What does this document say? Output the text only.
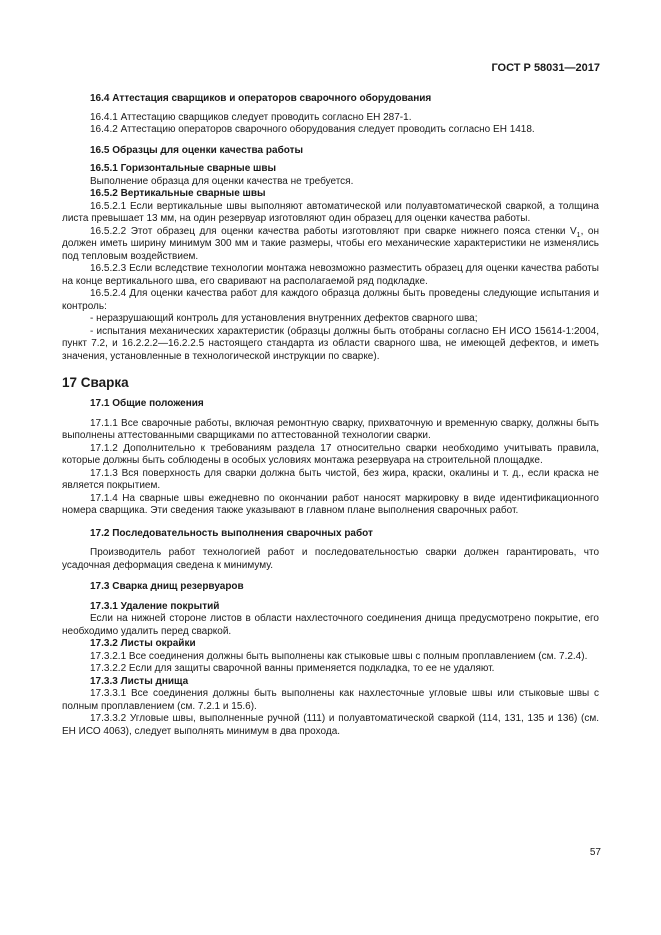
ГОСТ Р 58031—2017

16.4 Аттестация сварщиков и операторов сварочного оборудования

16.4.1 Аттестацию сварщиков следует проводить согласно ЕН 287-1.

16.4.2 Аттестацию операторов сварочного оборудования следует проводить согласно ЕН 1418.

16.5 Образцы для оценки качества работы

16.5.1 Горизонтальные сварные швы

Выполнение образца для оценки качества не требуется.

16.5.2 Вертикальные сварные швы

16.5.2.1 Если вертикальные швы выполняют автоматической или полуавтоматической сваркой, а толщина листа превышает 13 мм, на один резервуар изготовляют один образец для оценки качества работы.

16.5.2.2 Этот образец для оценки качества работы изготовляют при сварке нижнего пояса стенки $V_1$, он должен иметь ширину минимум 300 мм и такие размеры, чтобы его механические характеристики не изменялись под тепловым воздействием.

16.5.2.3 Если вследствие технологии монтажа невозможно разместить образец для оценки качества работы на конце вертикального шва, его сваривают на располагаемой ряд подкладке.

16.5.2.4 Для оценки качества работ для каждого образца должны быть проведены следующие испытания и контроль:

- неразрушающий контроль для установления внутренних дефектов сварного шва;

- испытания механических характеристик (образцы должны быть отобраны согласно ЕН ИСО 15614-1:2004, пункт 7.2, и 16.2.2.2—16.2.2.5 настоящего стандарта из области сварного шва, не имеющей дефектов, и иметь значения, установленные в технологической инструкции по сварке).

17 Сварка

17.1 Общие положения

17.1.1 Все сварочные работы, включая ремонтную сварку, прихваточную и временную сварку, должны быть выполнены аттестованными сварщиками по аттестованной технологии сварки.

17.1.2 Дополнительно к требованиям раздела 17 относительно сварки необходимо учитывать правила, которые должны быть соблюдены в особых условиях монтажа резервуара на строительной площадке.

17.1.3 Вся поверхность для сварки должна быть чистой, без жира, краски, окалины и т. д., если краска не является покрытием.

17.1.4 На сварные швы ежедневно по окончании работ наносят маркировку в виде идентификационного номера сварщика. Эти сведения также указывают в главном плане выполнения сварочных работ.

17.2 Последовательность выполнения сварочных работ

Производитель работ технологией работ и последовательностью сварки должен гарантировать, что усадочная деформация сведена к минимуму.

17.3 Сварка днищ резервуаров

17.3.1 Удаление покрытий

Если на нижней стороне листов в области нахлесточного соединения днища предусмотрено покрытие, его необходимо удалить перед сваркой.

17.3.2 Листы окрайки

17.3.2.1 Все соединения должны быть выполнены как стыковые швы с полным проплавлением (см. 7.2.4).

17.3.2.2 Если для защиты сварочной ванны применяется подкладка, то ее не удаляют.

17.3.3 Листы днища

17.3.3.1 Все соединения должны быть выполнены как нахлесточные угловые швы или стыковые швы с полным проплавлением (см. 7.2.1 и 15.6).

17.3.3.2 Угловые швы, выполненные ручной (111) и полуавтоматической сваркой (114, 131, 135 и 136) (см. ЕН ИСО 4063), следует выполнять минимум в два прохода.

57
